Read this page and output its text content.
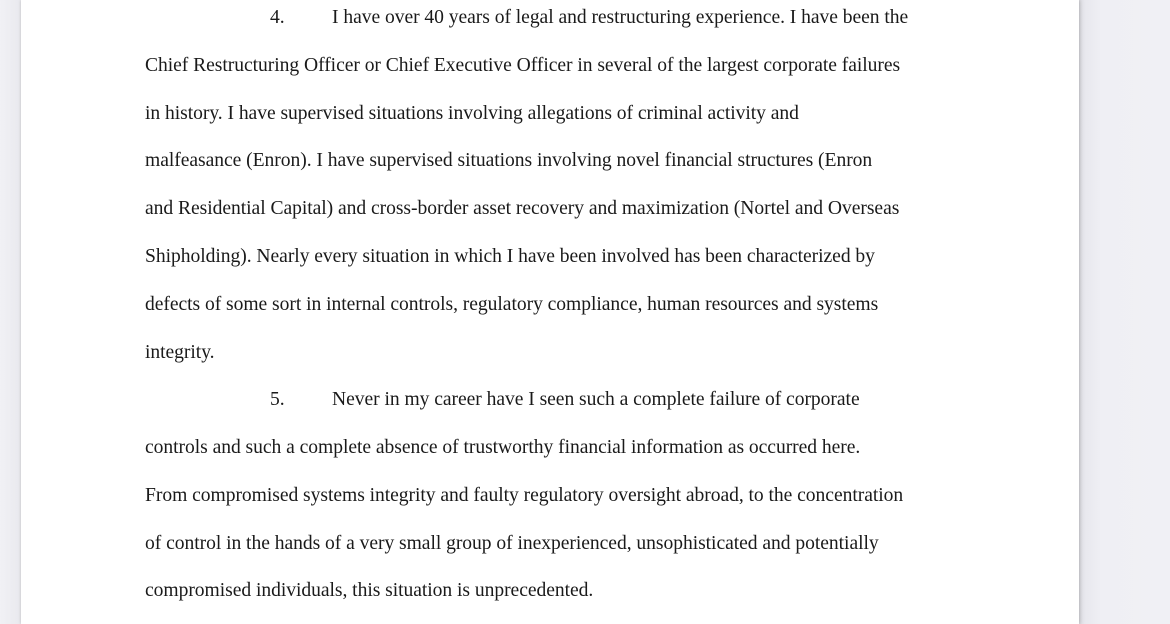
4. I have over 40 years of legal and restructuring experience. I have been the
Chief Restructuring Officer or Chief Executive Officer in several of the largest corporate failures
in history. I have supervised situations involving allegations of criminal activity and
malfeasance (Enron). I have supervised situations involving novel financial structures (Enron
and Residential Capital) and cross-border asset recovery and maximization (Nortel and Overseas
Shipholding). Nearly every situation in which I have been involved has been characterized by
defects of some sort in internal controls, regulatory compliance, human resources and systems
integrity.
5. Never in my career have I seen such a complete failure of corporate
controls and such a complete absence of trustworthy financial information as occurred here.
From compromised systems integrity and faulty regulatory oversight abroad, to the concentration
of control in the hands of a very small group of inexperienced, unsophisticated and potentially
compromised individuals, this situation is unprecedented.
